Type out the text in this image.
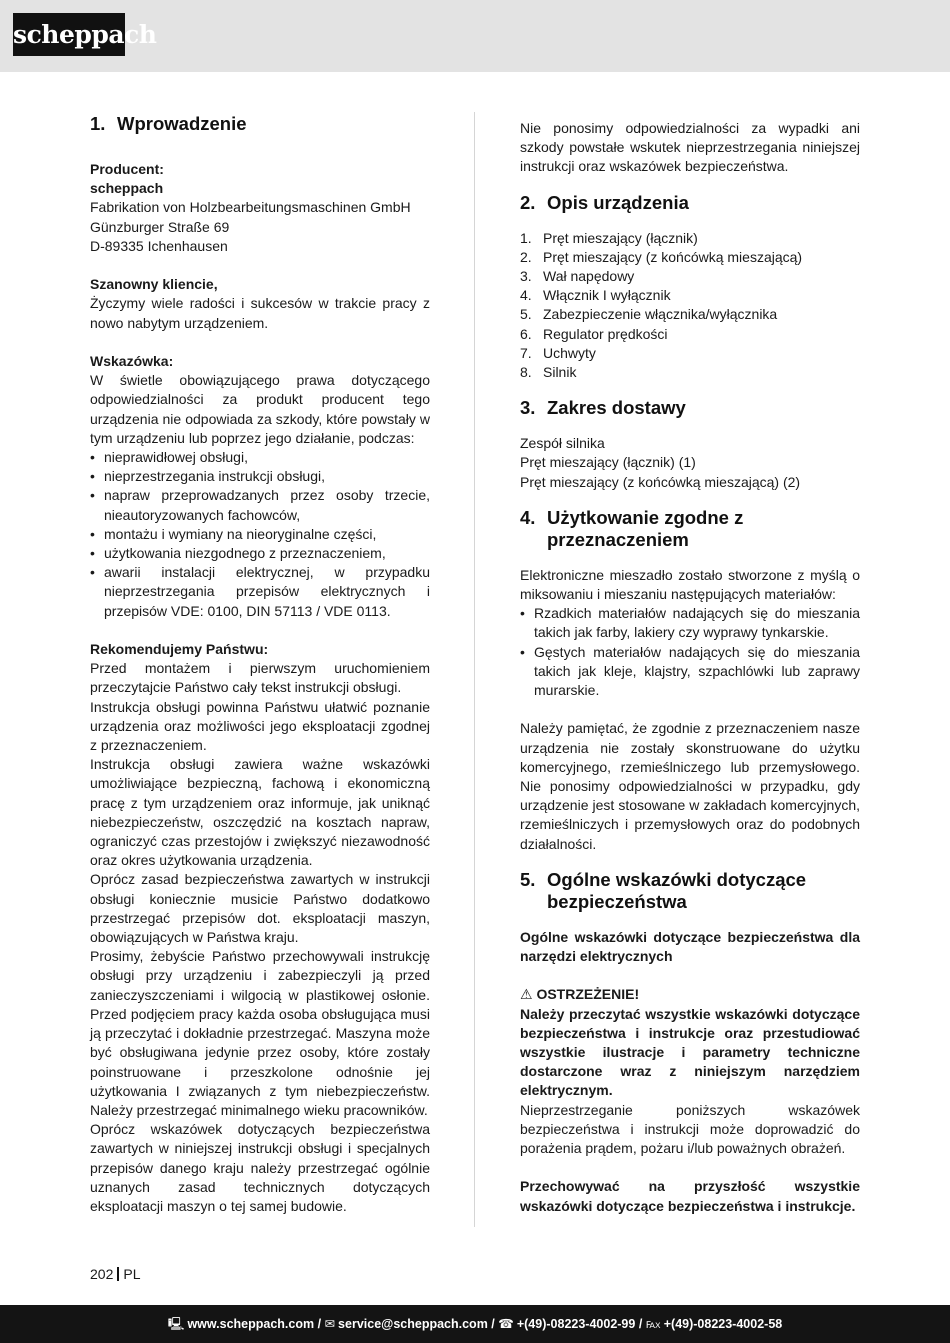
scheppach
1. Wprowadzenie
Producent:
scheppach
Fabrikation von Holzbearbeitungsmaschinen GmbH
Günzburger Straße 69
D-89335 Ichenhausen
Szanowny kliencie,
Życzymy wiele radości i sukcesów w trakcie pracy z nowo nabytym urządzeniem.
Wskazówka:
W świetle obowiązującego prawa dotyczącego odpowiedzialności za produkt producent tego urządzenia nie odpowiada za szkody, które powstały w tym urządzeniu lub poprzez jego działanie, podczas:
• nieprawidłowej obsługi,
• nieprzestrzegania instrukcji obsługi,
• napraw przeprowadzanych przez osoby trzecie, nieautoryzowanych fachowców,
• montażu i wymiany na nieoryginalne części,
• użytkowania niezgodnego z przeznaczeniem,
• awarii instalacji elektrycznej, w przypadku nieprzestrzegania przepisów elektrycznych i przepisów VDE: 0100, DIN 57113 / VDE 0113.
Rekomendujemy Państwu:
Przed montażem i pierwszym uruchomieniem przeczytajcie Państwo cały tekst instrukcji obsługi.
Instrukcja obsługi powinna Państwu ułatwić poznanie urządzenia oraz możliwości jego eksploatacji zgodnej z przeznaczeniem.
Instrukcja obsługi zawiera ważne wskazówki umożliwiające bezpieczną, fachową i ekonomiczną pracę z tym urządzeniem oraz informuje, jak uniknąć niebezpieczeństw, oszczędzić na kosztach napraw, ograniczyć czas przestojów i zwiększyć niezawodność oraz okres użytkowania urządzenia.
Oprócz zasad bezpieczeństwa zawartych w instrukcji obsługi koniecznie musicie Państwo dodatkowo przestrzegać przepisów dot. eksploatacji maszyn, obowiązujących w Państwa kraju.
Prosimy, żebyście Państwo przechowywali instrukcję obsługi przy urządzeniu i zabezpieczyli ją przed zanieczyszczeniami i wilgocią w plastikowej osłonie. Przed podjęciem pracy każda osoba obsługująca musi ją przeczytać i dokładnie przestrzegać. Maszyna może być obsługiwana jedynie przez osoby, które zostały poinstruowane i przeszkolone odnośnie jej użytkowania I związanych z tym niebezpieczeństw. Należy przestrzegać minimalnego wieku pracowników.
Oprócz wskazówek dotyczących bezpieczeństwa zawartych w niniejszej instrukcji obsługi i specjalnych przepisów danego kraju należy przestrzegać ogólnie uznanych zasad technicznych dotyczących eksploatacji maszyn o tej samej budowie.
Nie ponosimy odpowiedzialności za wypadki ani szkody powstałe wskutek nieprzestrzegania niniejszej instrukcji oraz wskazówek bezpieczeństwa.
2. Opis urządzenia
1. Pręt mieszający (łącznik)
2. Pręt mieszający (z końcówką mieszającą)
3. Wał napędowy
4. Włącznik I wyłącznik
5. Zabezpieczenie włącznika/wyłącznika
6. Regulator prędkości
7. Uchwyty
8. Silnik
3. Zakres dostawy
Zespół silnika
Pręt mieszający (łącznik) (1)
Pręt mieszający (z końcówką mieszającą) (2)
4. Użytkowanie zgodne z przeznaczeniem
Elektroniczne mieszadło zostało stworzone z myślą o miksowaniu i mieszaniu następujących materiałów:
• Rzadkich materiałów nadających się do mieszania takich jak farby, lakiery czy wyprawy tynkarskie.
• Gęstych materiałów nadających się do mieszania takich jak kleje, klajstry, szpachlówki lub zaprawy murarskie.
Należy pamiętać, że zgodnie z przeznaczeniem nasze urządzenia nie zostały skonstruowane do użytku komercyjnego, rzemieślniczego lub przemysłowego. Nie ponosimy odpowiedzialności w przypadku, gdy urządzenie jest stosowane w zakładach komercyjnych, rzemieślniczych i przemysłowych oraz do podobnych działalności.
5. Ogólne wskazówki dotyczące bezpieczeństwa
Ogólne wskazówki dotyczące bezpieczeństwa dla narzędzi elektrycznych
⚠ OSTRZEŻENIE!
Należy przeczytać wszystkie wskazówki dotyczące bezpieczeństwa i instrukcje oraz przestudiować wszystkie ilustracje i parametry techniczne dostarczone wraz z niniejszym narzędziem elektrycznym.
Nieprzestrzeganie poniższych wskazówek bezpieczeństwa i instrukcji może doprowadzić do porażenia prądem, pożaru i/lub poważnych obrażeń.
Przechowywać na przyszłość wszystkie wskazówki dotyczące bezpieczeństwa i instrukcje.
202 PL
🖳 www.scheppach.com / ✉ service@scheppach.com / ☎ +(49)-08223-4002-99 / ℻ +(49)-08223-4002-58
